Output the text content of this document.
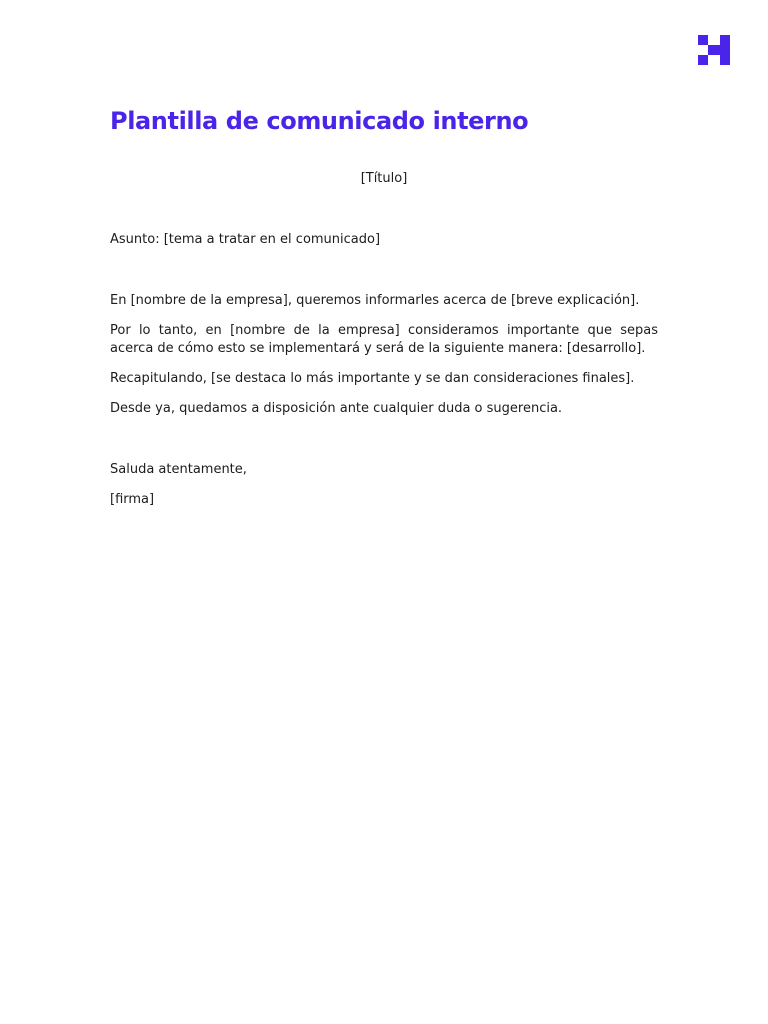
Plantilla de comunicado interno

[Título]

Asunto: [tema a tratar en el comunicado]

En [nombre de la empresa], queremos informarles acerca de [breve explicación].

Por lo tanto, en [nombre de la empresa] consideramos importante que sepas acerca de cómo esto se implementará y será de la siguiente manera: [desarrollo].

Recapitulando, [se destaca lo más importante y se dan consideraciones finales].

Desde ya, quedamos a disposición ante cualquier duda o sugerencia.

Saluda atentamente,

[firma]
